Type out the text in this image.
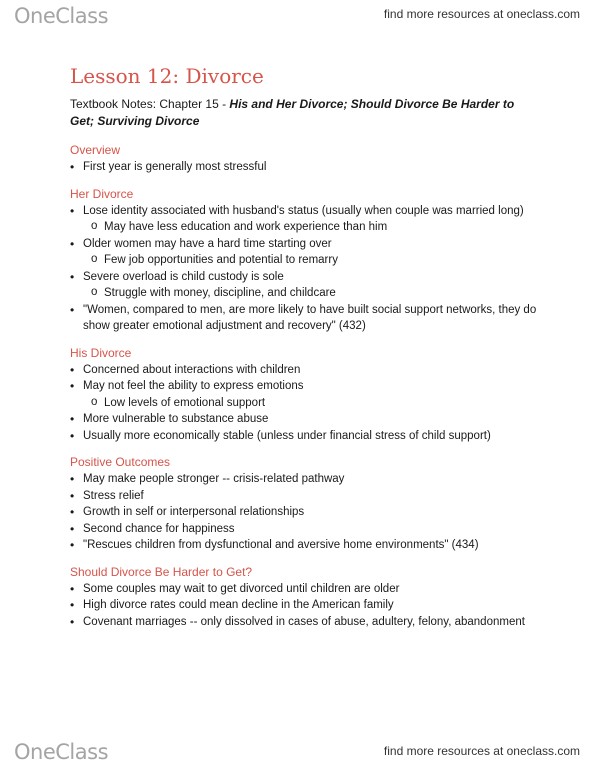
OneClass	find more resources at oneclass.com
Lesson 12: Divorce

Textbook Notes: Chapter 15 - His and Her Divorce; Should Divorce Be Harder to Get; Surviving Divorce

Overview
• First year is generally most stressful
Her Divorce
• Lose identity associated with husband's status (usually when couple was married long)
o May have less education and work experience than him
• Older women may have a hard time starting over
o Few job opportunities and potential to remarry
• Severe overload is child custody is sole
o Struggle with money, discipline, and childcare
• "Women, compared to men, are more likely to have built social support networks, they do show greater emotional adjustment and recovery" (432)
His Divorce
• Concerned about interactions with children
• May not feel the ability to express emotions
o Low levels of emotional support
• More vulnerable to substance abuse
• Usually more economically stable (unless under financial stress of child support)
Positive Outcomes
• May make people stronger -- crisis-related pathway
• Stress relief
• Growth in self or interpersonal relationships
• Second chance for happiness
• "Rescues children from dysfunctional and aversive home environments" (434)
Should Divorce Be Harder to Get?
• Some couples may wait to get divorced until children are older
• High divorce rates could mean decline in the American family
• Covenant marriages -- only dissolved in cases of abuse, adultery, felony, abandonment
OneClass	find more resources at oneclass.com
